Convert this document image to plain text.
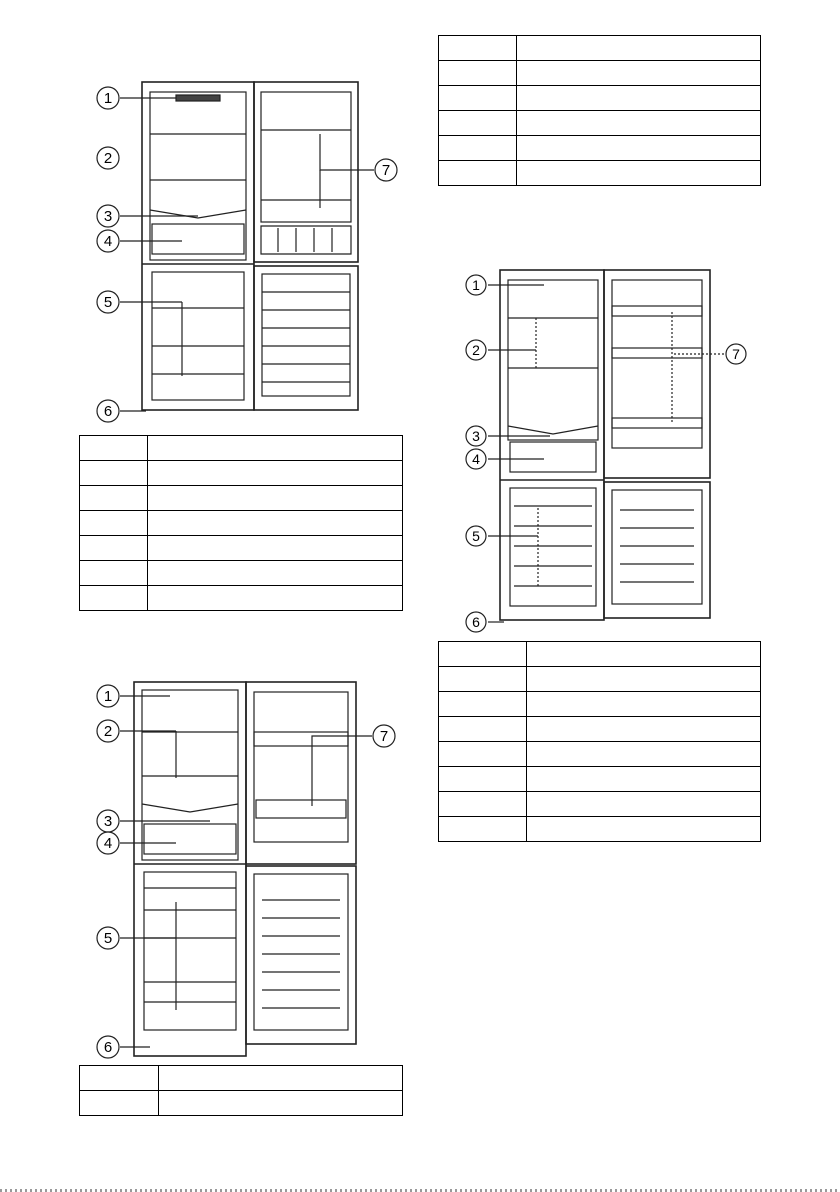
1
2
3
4
5
6
7

1
2
3
4
5
6
7

1
2
3
4
5
6
7
